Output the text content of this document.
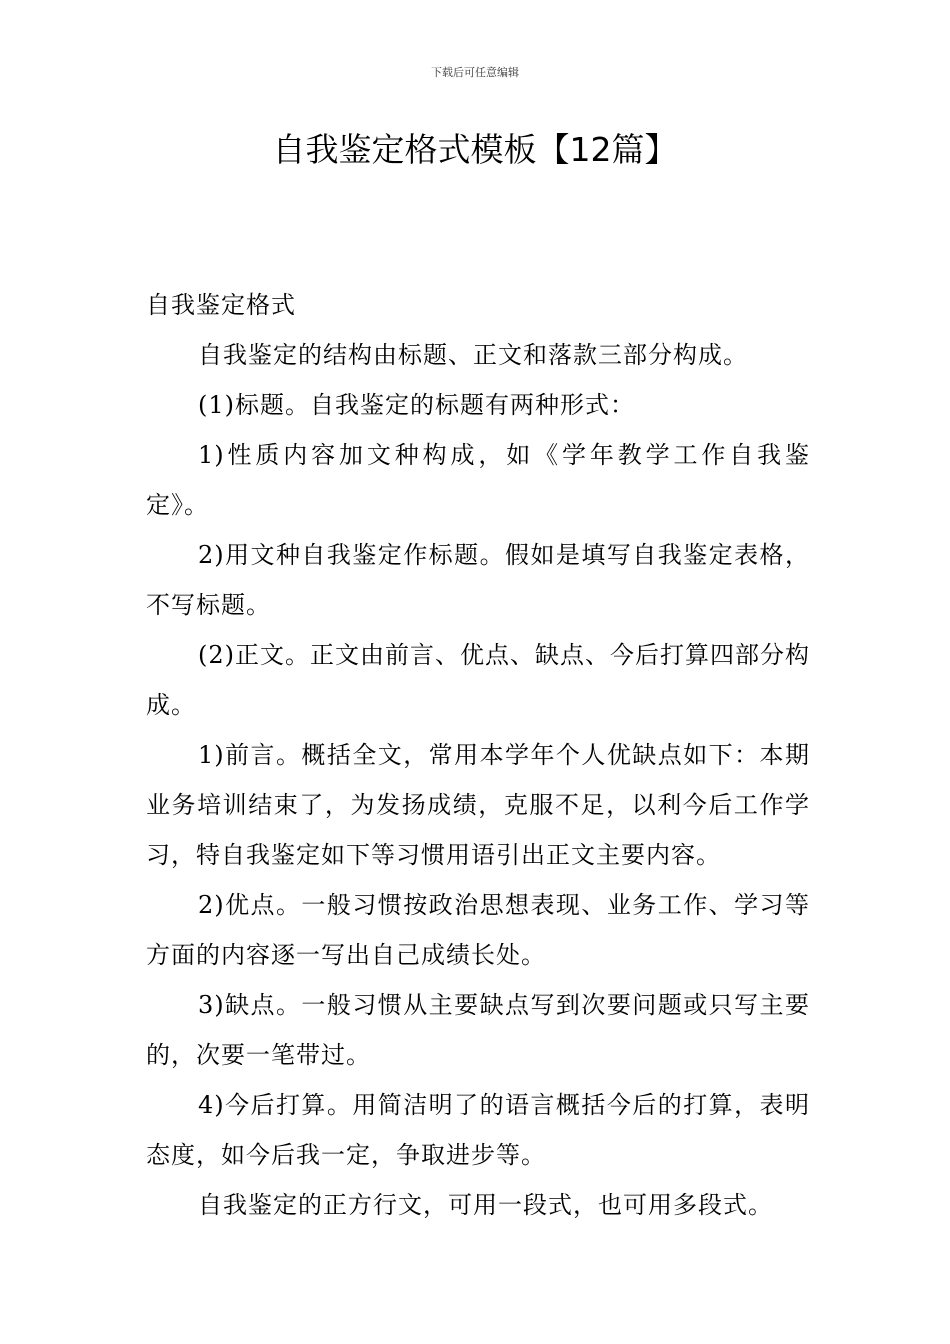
下载后可任意编辑
自我鉴定格式模板【12篇】

自我鉴定格式

自我鉴定的结构由标题、正文和落款三部分构成。

(1)标题。自我鉴定的标题有两种形式：

1)性质内容加文种构成，如《学年教学工作自我鉴定》。

2)用文种自我鉴定作标题。假如是填写自我鉴定表格，不写标题。

(2)正文。正文由前言、优点、缺点、今后打算四部分构成。

1)前言。概括全文，常用本学年个人优缺点如下：本期业务培训结束了，为发扬成绩，克服不足，以利今后工作学习，特自我鉴定如下等习惯用语引出正文主要内容。

2)优点。一般习惯按政治思想表现、业务工作、学习等方面的内容逐一写出自己成绩长处。

3)缺点。一般习惯从主要缺点写到次要问题或只写主要的，次要一笔带过。

4)今后打算。用简洁明了的语言概括今后的打算，表明态度，如今后我一定，争取进步等。

自我鉴定的正方行文，可用一段式，也可用多段式。
